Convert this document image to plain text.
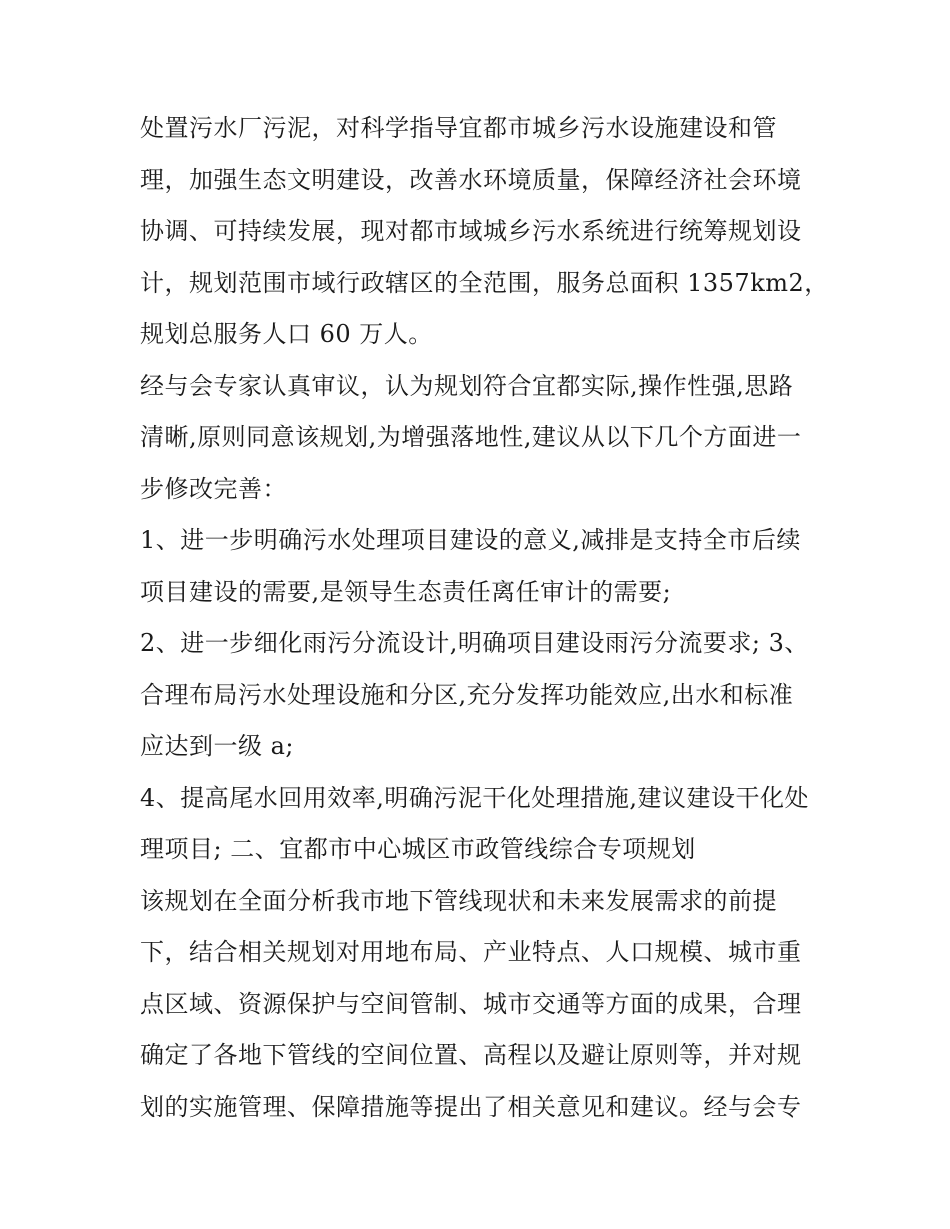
处置污水厂污泥，对科学指导宜都市城乡污水设施建设和管
理，加强生态文明建设，改善水环境质量，保障经济社会环境
协调、可持续发展，现对都市域城乡污水系统进行统筹规划设
计，规划范围市域行政辖区的全范围，服务总面积 1357km2，
规划总服务人口 60 万人。
经与会专家认真审议，认为规划符合宜都实际,操作性强,思路
清晰,原则同意该规划,为增强落地性,建议从以下几个方面进一
步修改完善：
1、进一步明确污水处理项目建设的意义,减排是支持全市后续
项目建设的需要,是领导生态责任离任审计的需要;
2、进一步细化雨污分流设计,明确项目建设雨污分流要求; 3、
合理布局污水处理设施和分区,充分发挥功能效应,出水和标准
应达到一级 a;
4、提高尾水回用效率,明确污泥干化处理措施,建议建设干化处
理项目; 二、宜都市中心城区市政管线综合专项规划
该规划在全面分析我市地下管线现状和未来发展需求的前提
下，结合相关规划对用地布局、产业特点、人口规模、城市重
点区域、资源保护与空间管制、城市交通等方面的成果，合理
确定了各地下管线的空间位置、高程以及避让原则等，并对规
划的实施管理、保障措施等提出了相关意见和建议。经与会专
